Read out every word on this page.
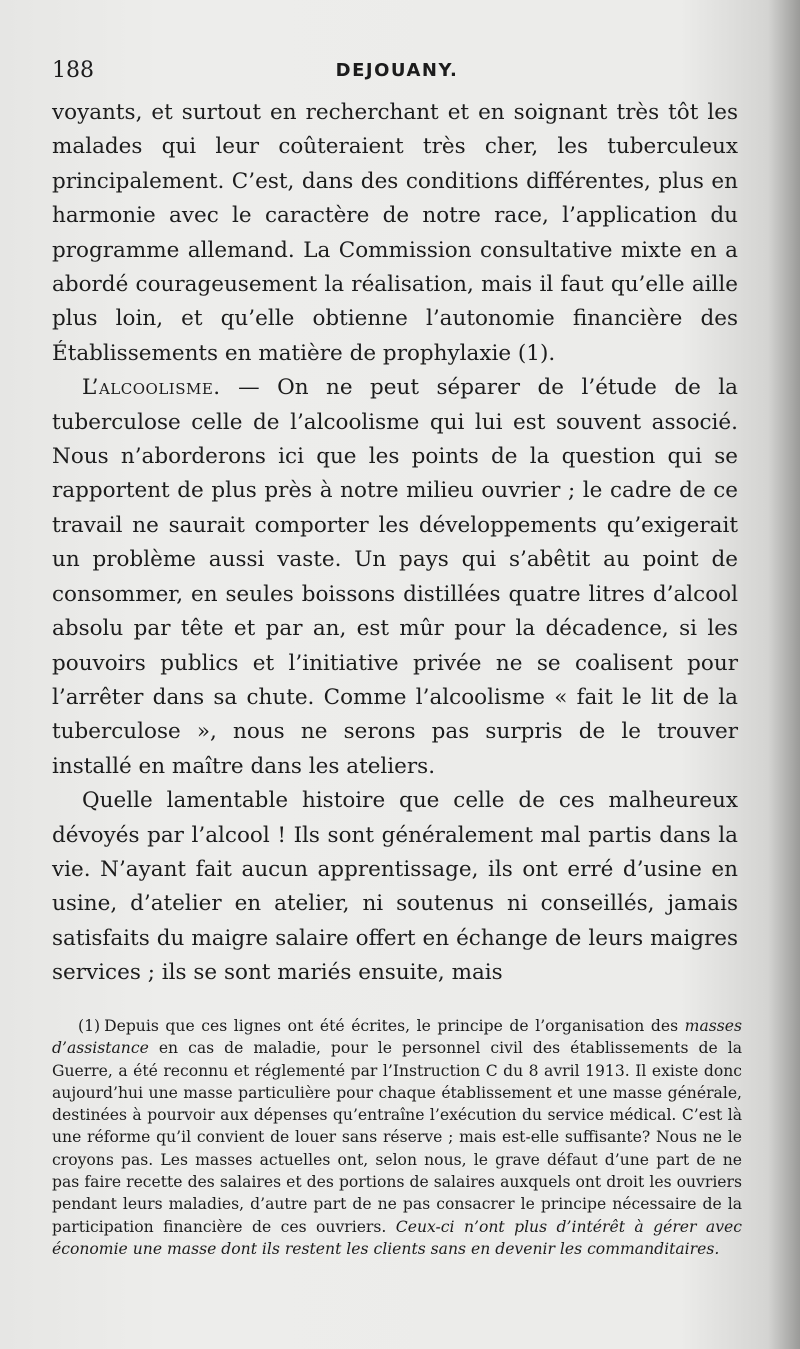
188	DEJOUANY.

voyants, et surtout en recherchant et en soignant très tôt les malades qui leur coûteraient très cher, les tuberculeux principalement. C’est, dans des conditions différentes, plus en harmonie avec le caractère de notre race, l’application du programme allemand. La Commission consultative mixte en a abordé courageusement la réalisation, mais il faut qu’elle aille plus loin, et qu’elle obtienne l’autonomie financière des Établissements en matière de prophylaxie (1).

L’alcoolisme. — On ne peut séparer de l’étude de la tuberculose celle de l’alcoolisme qui lui est souvent associé. Nous n’aborderons ici que les points de la question qui se rapportent de plus près à notre milieu ouvrier ; le cadre de ce travail ne saurait comporter les développements qu’exigerait un problème aussi vaste. Un pays qui s’abêtit au point de consommer, en seules boissons distillées quatre litres d’alcool absolu par tête et par an, est mûr pour la décadence, si les pouvoirs publics et l’initiative privée ne se coalisent pour l’arrêter dans sa chute. Comme l’alcoolisme « fait le lit de la tuberculose », nous ne serons pas surpris de le trouver installé en maître dans les ateliers.

Quelle lamentable histoire que celle de ces malheureux dévoyés par l’alcool ! Ils sont généralement mal partis dans la vie. N’ayant fait aucun apprentissage, ils ont erré d’usine en usine, d’atelier en atelier, ni soutenus ni conseillés, jamais satisfaits du maigre salaire offert en échange de leurs maigres services ; ils se sont mariés ensuite, mais

(1) Depuis que ces lignes ont été écrites, le principe de l’organisation des masses d’assistance en cas de maladie, pour le personnel civil des établissements de la Guerre, a été reconnu et réglementé par l’Instruction C du 8 avril 1913. Il existe donc aujourd’hui une masse particulière pour chaque établissement et une masse générale, destinées à pourvoir aux dépenses qu’entraîne l’exécution du service médical. C’est là une réforme qu’il convient de louer sans réserve ; mais est-elle suffisante? Nous ne le croyons pas. Les masses actuelles ont, selon nous, le grave défaut d’une part de ne pas faire recette des salaires et des portions de salaires auxquels ont droit les ouvriers pendant leurs maladies, d’autre part de ne pas consacrer le principe nécessaire de la participation financière de ces ouvriers. Ceux-ci n’ont plus d’intérêt à gérer avec économie une masse dont ils restent les clients sans en devenir les commanditaires.
